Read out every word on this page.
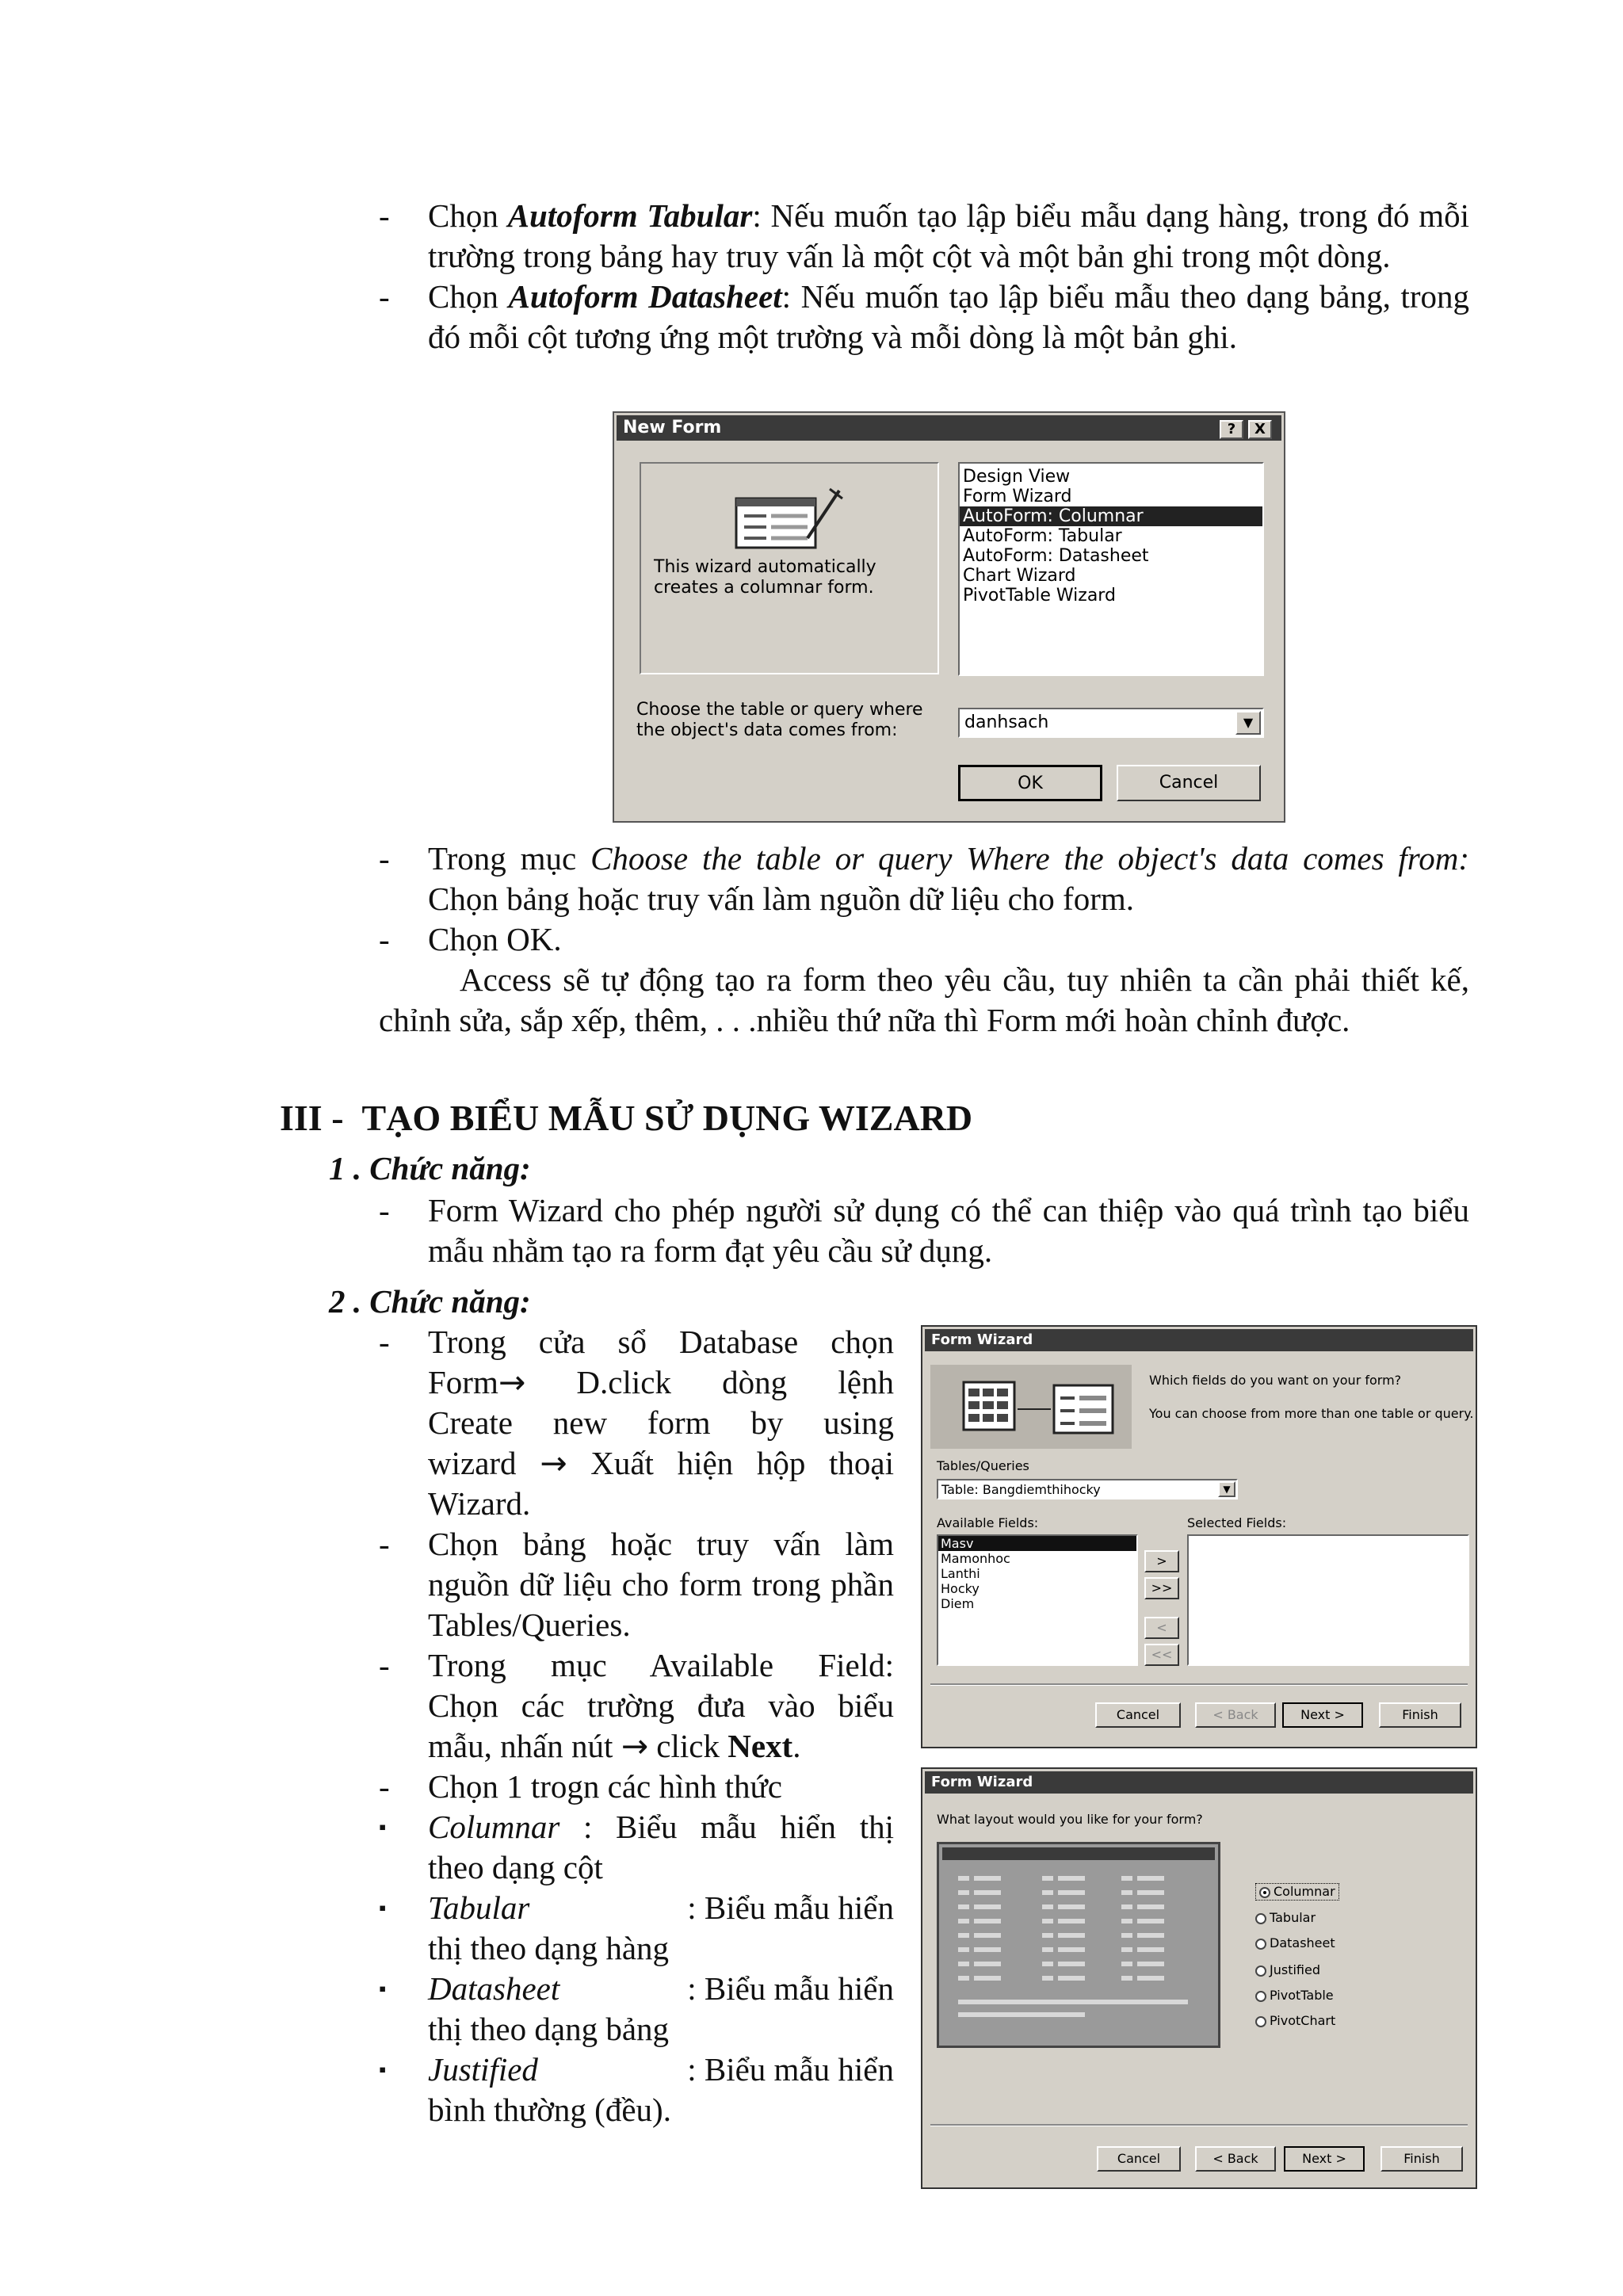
- Chọn Autoform Tabular: Nếu muốn tạo lập biểu mẫu dạng hàng, trong đó mỗi trường trong bảng hay truy vấn là một cột và một bản ghi trong một dòng.
- Chọn Autoform Datasheet: Nếu muốn tạo lập biểu mẫu theo dạng bảng, trong đó mỗi cột tương ứng một trường và mỗi dòng là một bản ghi.
New Form	?	X
This wizard automatically creates a columnar form.
Design View
Form Wizard
AutoForm: Columnar
AutoForm: Tabular
AutoForm: Datasheet
Chart Wizard
PivotTable Wizard
Choose the table or query where the object's data comes from:	danhsach	▼
OK	Cancel
- Trong mục Choose the table or query Where the object's data comes from: Chọn bảng hoặc truy vấn làm nguồn dữ liệu cho form.
- Chọn OK.
Access sẽ tự động tạo ra form theo yêu cầu, tuy nhiên ta cần phải thiết kế, chỉnh sửa, sắp xếp, thêm, . . .nhiều thứ nữa thì Form mới hoàn chỉnh được.
III - TẠO BIỂU MẪU SỬ DỤNG WIZARD
1 . Chức năng:
- Form Wizard cho phép người sử dụng có thể can thiệp vào quá trình tạo biểu mẫu nhằm tạo ra form đạt yêu cầu sử dụng.
2 . Chức năng:
- Trong cửa sổ Database chọn
Form→ D.click dòng lệnh
Create new form by using
wizard → Xuất hiện hộp thoại
Wizard.
- Chọn bảng hoặc truy vấn làm nguồn dữ liệu cho form trong phần Tables/Queries.
- Trong mục Available Field:
Chọn các trường đưa vào biểu
mẫu, nhấn nút → click Next.
- Chọn 1 trogn các hình thức
▪ Columnar : Biểu mẫu hiển thị
theo dạng cột
▪ Tabular	: Biểu mẫu hiển
thị theo dạng hàng
▪ Datasheet	: Biểu mẫu hiển
thị theo dạng bảng
▪ Justified	: Biểu mẫu hiển
bình thường (đều).
Form Wizard
Which fields do you want on your form?
You can choose from more than one table or query.
Tables/Queries
Table: Bangdiemthihocky	▼
Available Fields:	Selected Fields:
Masv
Mamonhoc
Lanthi
Hocky
Diem
>
>>
<
<<
Cancel	< Back	Next >	Finish
Form Wizard
What layout would you like for your form?
Columnar
Tabular
Datasheet
Justified
PivotTable
PivotChart
Cancel	< Back	Next >	Finish
